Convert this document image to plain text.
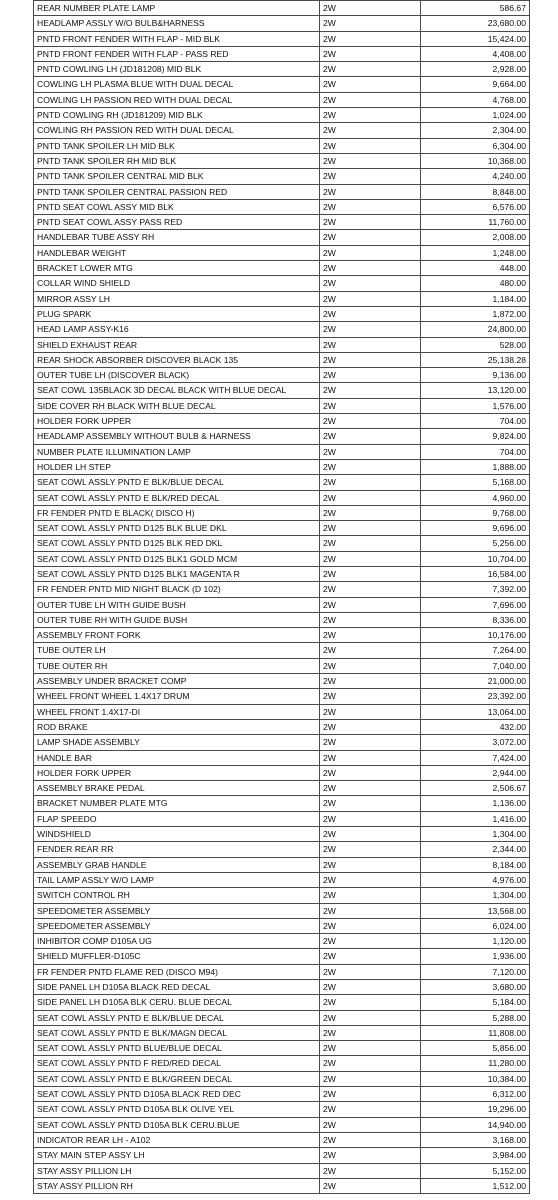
REAR NUMBER PLATE LAMP	2W	586.67
HEADLAMP ASSLY W/O BULB&HARNESS	2W	23,680.00
PNTD FRONT FENDER WITH FLAP - MID BLK	2W	15,424.00
PNTD FRONT FENDER WITH FLAP - PASS RED	2W	4,408.00
PNTD COWLING LH (JD181208) MID BLK	2W	2,928.00
COWLING LH PLASMA BLUE WITH DUAL DECAL	2W	9,664.00
COWLING LH PASSION RED WITH DUAL DECAL	2W	4,768.00
PNTD COWLING RH (JD181209) MID BLK	2W	1,024.00
COWLING RH PASSION RED WITH DUAL DECAL	2W	2,304.00
PNTD TANK SPOILER LH MID BLK	2W	6,304.00
PNTD TANK SPOILER RH MID BLK	2W	10,368.00
PNTD TANK SPOILER CENTRAL MID BLK	2W	4,240.00
PNTD TANK SPOILER CENTRAL PASSION RED	2W	8,848.00
PNTD SEAT COWL ASSY MID BLK	2W	6,576.00
PNTD SEAT COWL ASSY PASS RED	2W	11,760.00
HANDLEBAR TUBE ASSY RH	2W	2,008.00
HANDLEBAR WEIGHT	2W	1,248.00
BRACKET LOWER MTG	2W	448.00
COLLAR WIND SHIELD	2W	480.00
MIRROR ASSY LH	2W	1,184.00
PLUG SPARK	2W	1,872.00
HEAD LAMP ASSY-K16	2W	24,800.00
SHIELD EXHAUST REAR	2W	528.00
REAR SHOCK ABSORBER DISCOVER BLACK 135	2W	25,138.28
OUTER TUBE LH (DISCOVER BLACK)	2W	9,136.00
SEAT COWL 135BLACK 3D DECAL BLACK WITH BLUE DECAL	2W	13,120.00
SIDE COVER RH BLACK WITH BLUE DECAL	2W	1,576.00
HOLDER FORK UPPER	2W	704.00
HEADLAMP ASSEMBLY WITHOUT BULB & HARNESS	2W	9,824.00
NUMBER PLATE ILLUMINATION LAMP	2W	704.00
HOLDER LH STEP	2W	1,888.00
SEAT COWL ASSLY PNTD E BLK/BLUE DECAL	2W	5,168.00
SEAT COWL ASSLY PNTD E BLK/RED DECAL	2W	4,960.00
FR FENDER PNTD E BLACK( DISCO H)	2W	9,768.00
SEAT COWL ASSLY PNTD D125 BLK BLUE DKL	2W	9,696.00
SEAT COWL ASSLY PNTD D125 BLK RED DKL	2W	5,256.00
SEAT COWL ASSLY PNTD D125 BLK1 GOLD MCM	2W	10,704.00
SEAT COWL ASSLY PNTD D125 BLK1 MAGENTA R	2W	16,584.00
FR FENDER PNTD MID NIGHT BLACK (D 102)	2W	7,392.00
OUTER TUBE LH WITH GUIDE BUSH	2W	7,696.00
OUTER TUBE RH WITH GUIDE BUSH	2W	8,336.00
ASSEMBLY FRONT FORK	2W	10,176.00
TUBE OUTER LH	2W	7,264.00
TUBE OUTER RH	2W	7,040.00
ASSEMBLY UNDER BRACKET COMP	2W	21,000.00
WHEEL FRONT WHEEL 1.4X17 DRUM	2W	23,392.00
WHEEL FRONT 1.4X17-DI	2W	13,064.00
ROD BRAKE	2W	432.00
LAMP SHADE ASSEMBLY	2W	3,072.00
HANDLE BAR	2W	7,424.00
HOLDER FORK UPPER	2W	2,944.00
ASSEMBLY BRAKE PEDAL	2W	2,506.67
BRACKET NUMBER PLATE MTG	2W	1,136.00
FLAP SPEEDO	2W	1,416.00
WINDSHIELD	2W	1,304.00
FENDER REAR RR	2W	2,344.00
ASSEMBLY GRAB HANDLE	2W	8,184.00
TAIL LAMP ASSLY W/O LAMP	2W	4,976.00
SWITCH CONTROL RH	2W	1,304.00
SPEEDOMETER ASSEMBLY	2W	13,568.00
SPEEDOMETER ASSEMBLY	2W	6,024.00
INHIBITOR COMP D105A UG	2W	1,120.00
SHIELD MUFFLER-D105C	2W	1,936.00
FR FENDER PNTD FLAME RED (DISCO M94)	2W	7,120.00
SIDE PANEL LH D105A BLACK RED DECAL	2W	3,680.00
SIDE PANEL LH D105A BLK CERU. BLUE DECAL	2W	5,184.00
SEAT COWL ASSLY PNTD E BLK/BLUE DECAL	2W	5,288.00
SEAT COWL ASSLY PNTD E BLK/MAGN DECAL	2W	11,808.00
SEAT COWL ASSLY PNTD BLUE/BLUE DECAL	2W	5,856.00
SEAT COWL ASSLY PNTD F RED/RED DECAL	2W	11,280.00
SEAT COWL ASSLY PNTD E BLK/GREEN DECAL	2W	10,384.00
SEAT COWL ASSLY PNTD D105A BLACK RED DEC	2W	6,312.00
SEAT COWL ASSLY PNTD D105A BLK OLIVE YEL	2W	19,296.00
SEAT COWL ASSLY PNTD D105A BLK CERU.BLUE	2W	14,940.00
INDICATOR REAR LH - A102	2W	3,168.00
STAY MAIN STEP ASSY LH	2W	3,984.00
STAY ASSY PILLION LH	2W	5,152.00
STAY ASSY PILLION RH	2W	1,512.00
